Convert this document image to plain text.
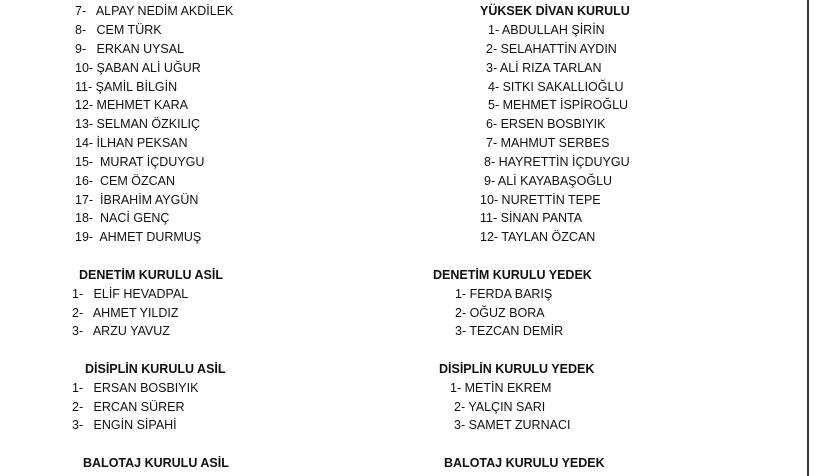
7-   ALPAY NEDİM AKDİLEK
8-   CEM TÜRK
9-   ERKAN UYSAL
10- ŞABAN ALİ UĞUR
11- ŞAMİL BİLGİN
12- MEHMET KARA
13- SELMAN ÖZKILIÇ
14- İLHAN PEKSAN
15-  MURAT İÇDUYGU
16-  CEM ÖZCAN
17-  İBRAHİM AYGÜN
18-  NACİ GENÇ
19-  AHMET DURMUŞ
YÜKSEK DİVAN KURULU
1- ABDULLAH ŞİRİN
2- SELAHATTİN AYDIN
3- ALİ RIZA TARLAN
4- SITKI SAKALLIOĞLU
5- MEHMET İSPİROĞLU
6- ERSEN BOSBIYIK
7- MAHMUT SERBES
8- HAYRETTİN İÇDUYGU
9- ALİ KAYABAŞOĞLU
10- NURETTİN TEPE
11- SİNAN PANTA
12- TAYLAN ÖZCAN
DENETİM KURULU ASİL
1-   ELİF HEVADPAL
2-   AHMET YILDIZ
3-   ARZU YAVUZ
DENETİM KURULU YEDEK
1- FERDA BARIŞ
2- OĞUZ BORA
3- TEZCAN DEMİR
DİSİPLİN KURULU ASİL
1-   ERSAN BOSBIYIK
2-   ERCAN SÜRER
3-   ENGİN SİPAHİ
DİSİPLİN KURULU YEDEK
1- METİN EKREM
2- YALÇIN SARI
3- SAMET ZURNACI
BALOTAJ KURULU ASİL	BALOTAJ KURULU YEDEK
